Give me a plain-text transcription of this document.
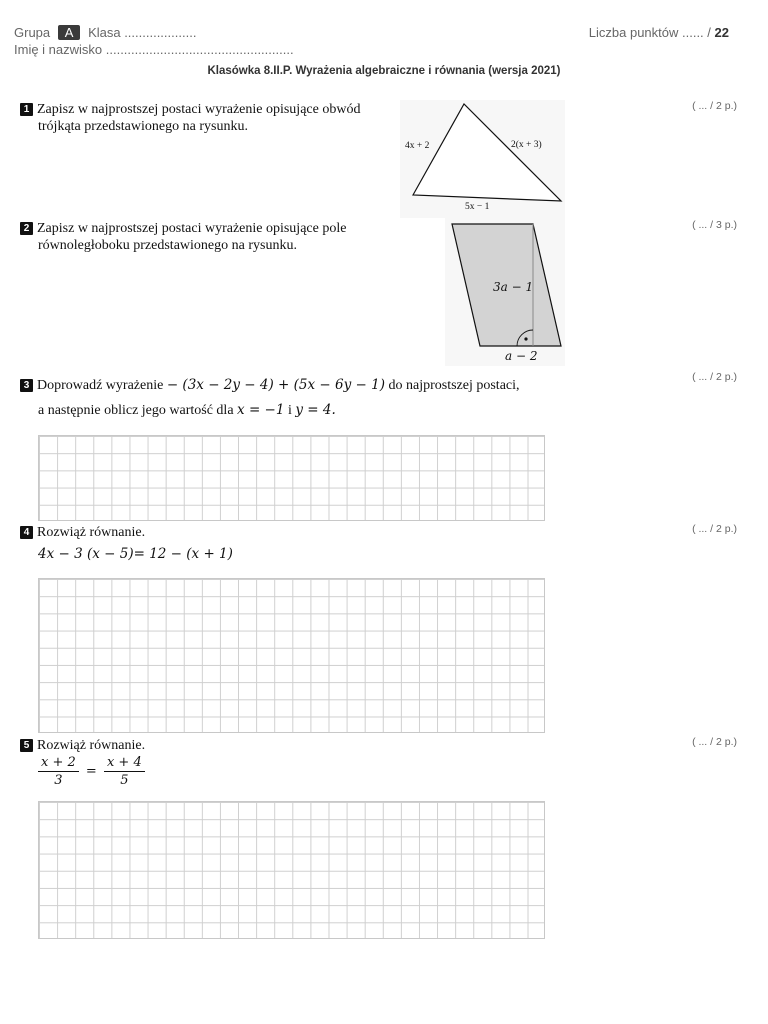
Grupa A Klasa ....................
Imię i nazwisko ....................................................
Liczba punktów ...... / 22
Klasówka 8.II.P. Wyrażenia algebraiczne i równania (wersja 2021)
1 Zapisz w najprostszej postaci wyrażenie opisujące obwód
trójkąta przedstawionego na rysunku.
( ... / 2 p.)
4x + 2	2(x + 3)
5x − 1
2 Zapisz w najprostszej postaci wyrażenie opisujące pole
równoległoboku przedstawionego na rysunku.
( ... / 3 p.)
3a − 1
a − 2
3 Doprowadź wyrażenie − (3x − 2y − 4) + (5x − 6y − 1) do najprostszej postaci,
a następnie oblicz jego wartość dla x = −1 i y = 4.
( ... / 2 p.)
4 Rozwiąż równanie.
4x − 3 (x − 5)= 12 − (x + 1)
( ... / 2 p.)
5 Rozwiąż równanie.
$\frac{x + 2}{3} = \frac{x + 4}{5}$
( ... / 2 p.)
